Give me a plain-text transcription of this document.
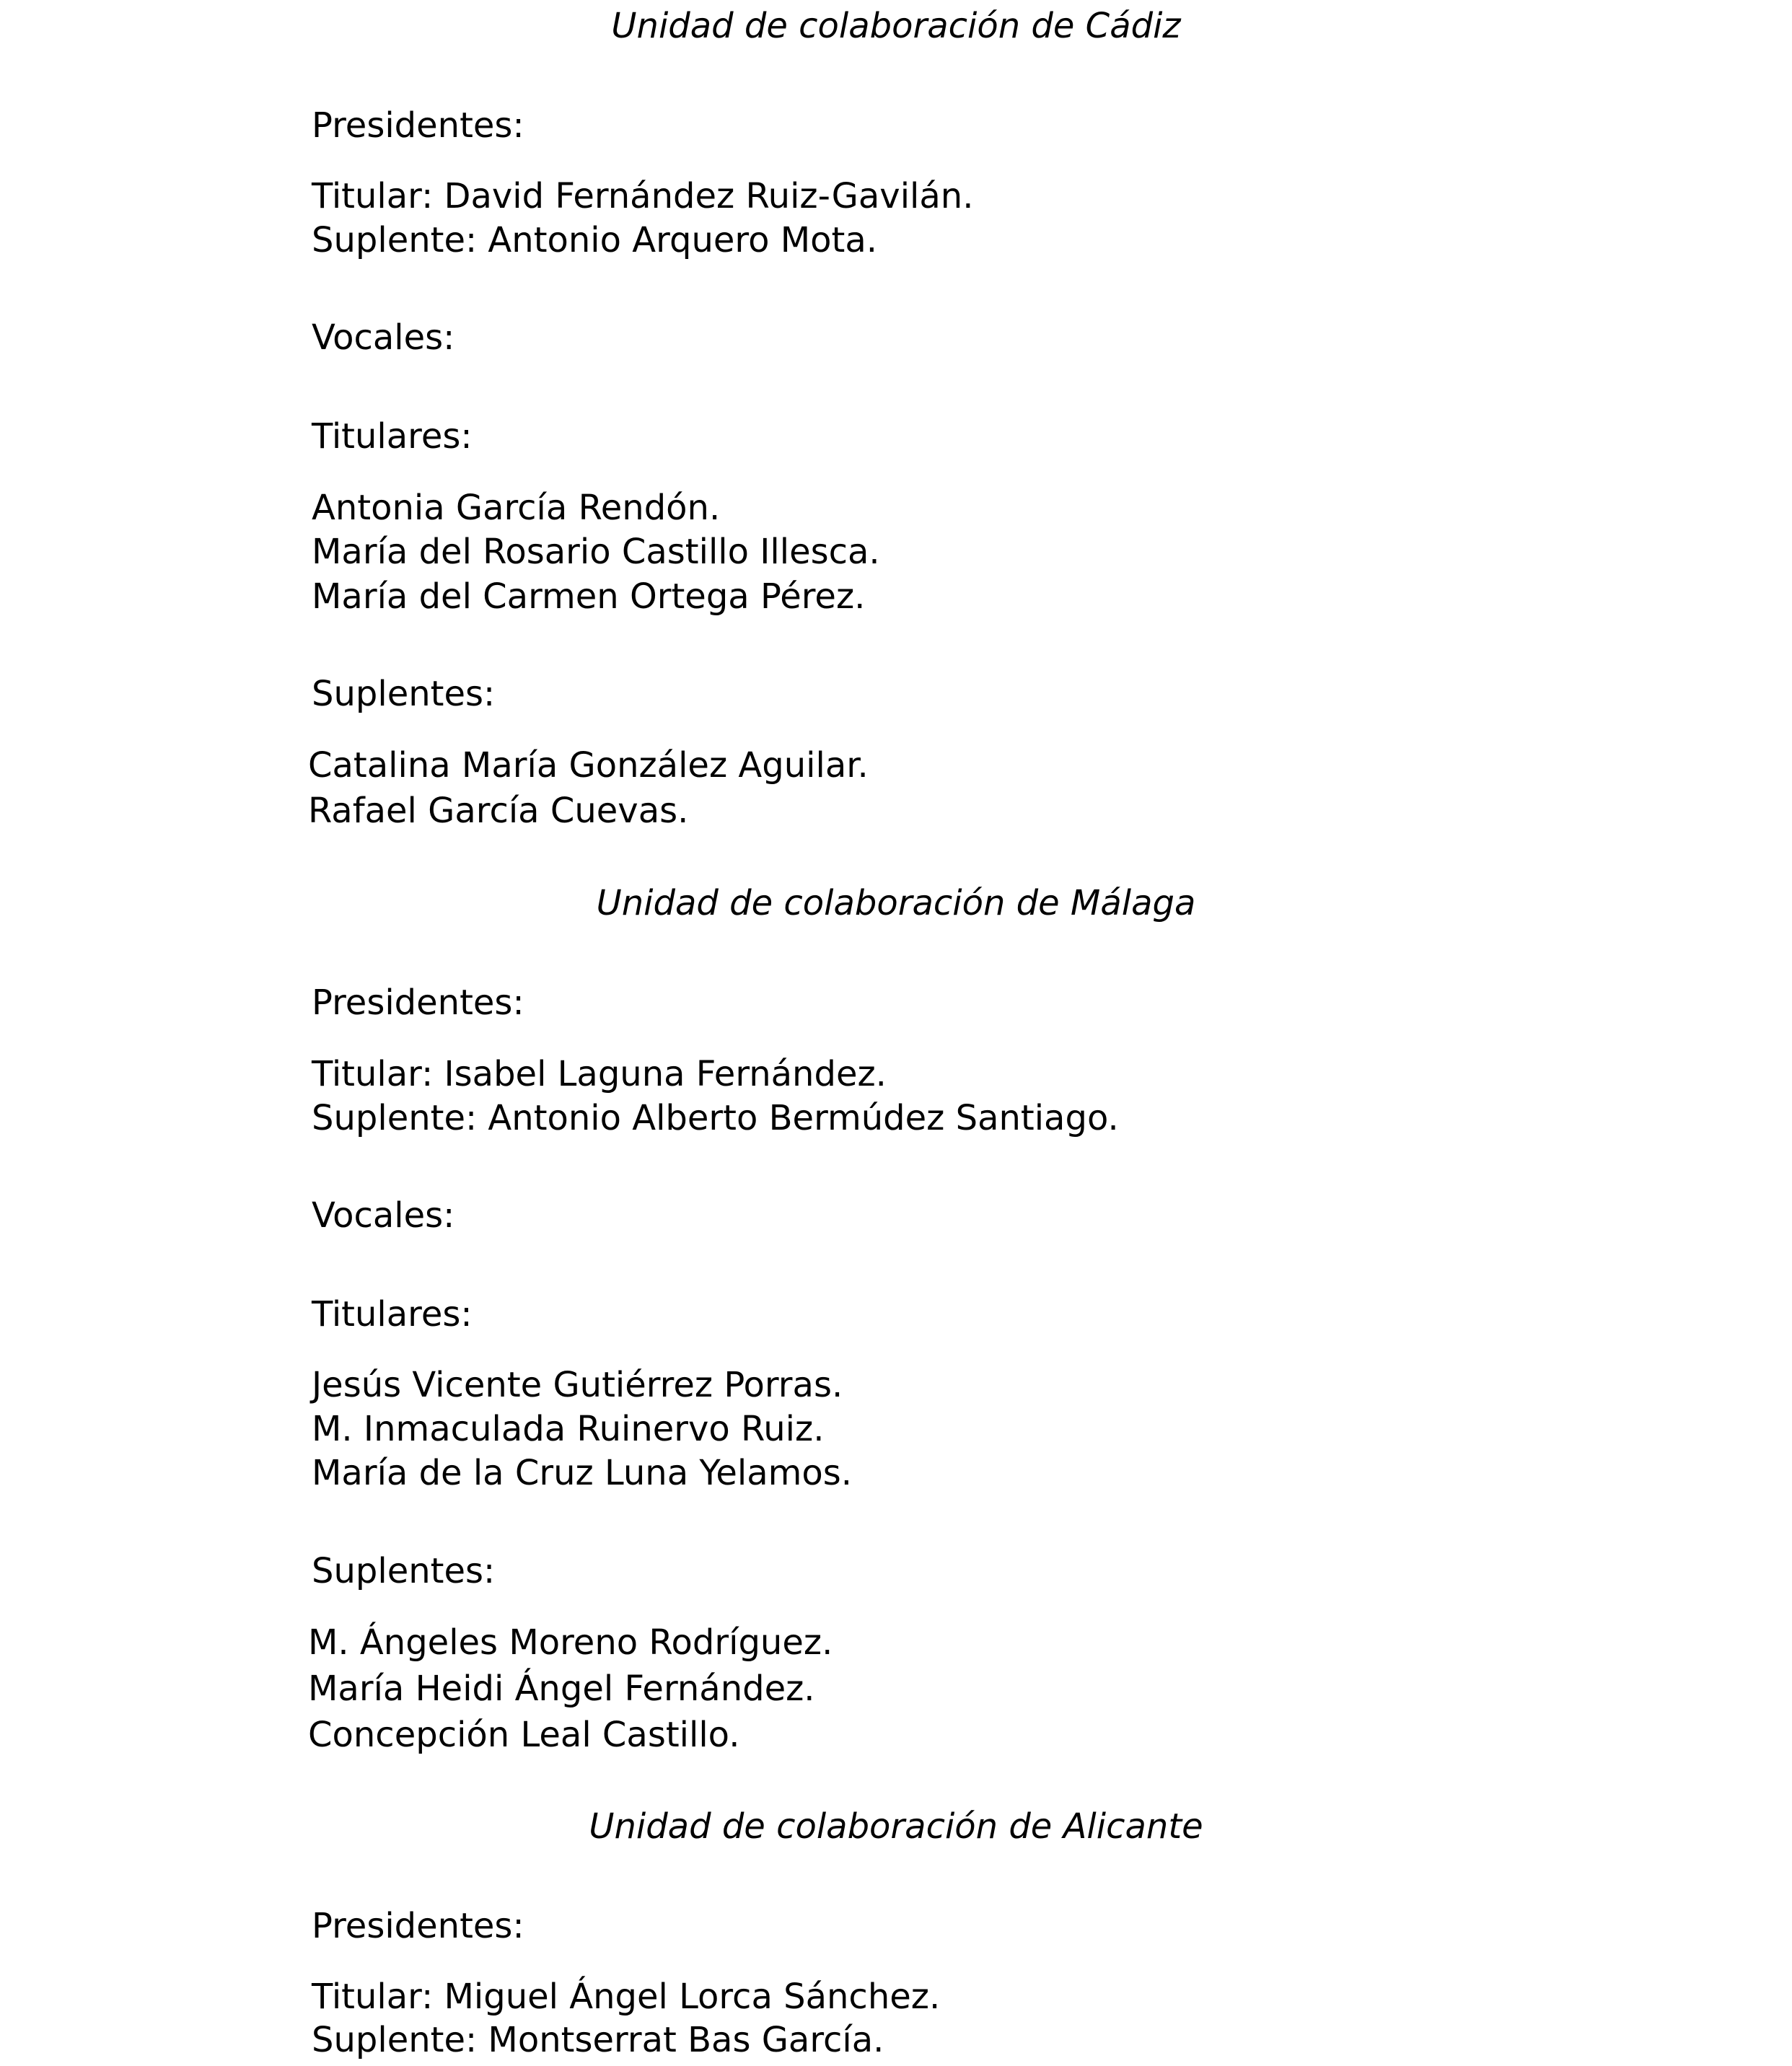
Unidad de colaboración de Cádiz

Presidentes:

Titular: David Fernández Ruiz-Gavilán.

Suplente: Antonio Arquero Mota.

Vocales:

Titulares:

Antonia García Rendón.

María del Rosario Castillo Illesca.

María del Carmen Ortega Pérez.

Suplentes:

Catalina María González Aguilar.

Rafael García Cuevas.

Unidad de colaboración de Málaga

Presidentes:

Titular: Isabel Laguna Fernández.

Suplente: Antonio Alberto Bermúdez Santiago.

Vocales:

Titulares:

Jesús Vicente Gutiérrez Porras.

M. Inmaculada Ruinervo Ruiz.

María de la Cruz Luna Yelamos.

Suplentes:

M. Ángeles Moreno Rodríguez.

María Heidi Ángel Fernández.

Concepción Leal Castillo.

Unidad de colaboración de Alicante

Presidentes:

Titular: Miguel Ángel Lorca Sánchez.

Suplente: Montserrat Bas García.
